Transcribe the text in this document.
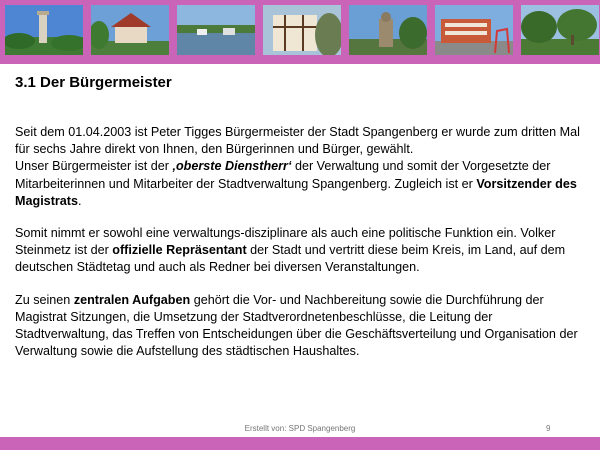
3.1 Der Bürgermeister

Seit dem 01.04.2003 ist Peter Tigges Bürgermeister der Stadt Spangenberg er wurde zum dritten Mal für sechs Jahre direkt von Ihnen, den Bürgerinnen und Bürger, gewählt.
Unser Bürgermeister ist der ‚oberste Dienstherr‘ der Verwaltung und somit der Vorgesetzte der Mitarbeiterinnen und Mitarbeiter der Stadtverwaltung Spangenberg. Zugleich ist er Vorsitzender des Magistrats.

Somit nimmt er sowohl eine verwaltungs-disziplinare als auch eine politische Funktion ein. Volker Steinmetz ist der offizielle Repräsentant der Stadt und vertritt diese beim Kreis, im Land, auf dem deutschen Städtetag und auch als Redner bei diversen Veranstaltungen.

Zu seinen zentralen Aufgaben gehört die Vor- und Nachbereitung sowie die Durchführung der Magistrat Sitzungen, die Umsetzung der Stadtverordnetenbeschlüsse, die Leitung der Stadtverwaltung, das Treffen von Entscheidungen über die Geschäftsverteilung und Organisation der Verwaltung sowie die Aufstellung des städtischen Haushaltes.

Erstellt von: SPD Spangenberg	9
